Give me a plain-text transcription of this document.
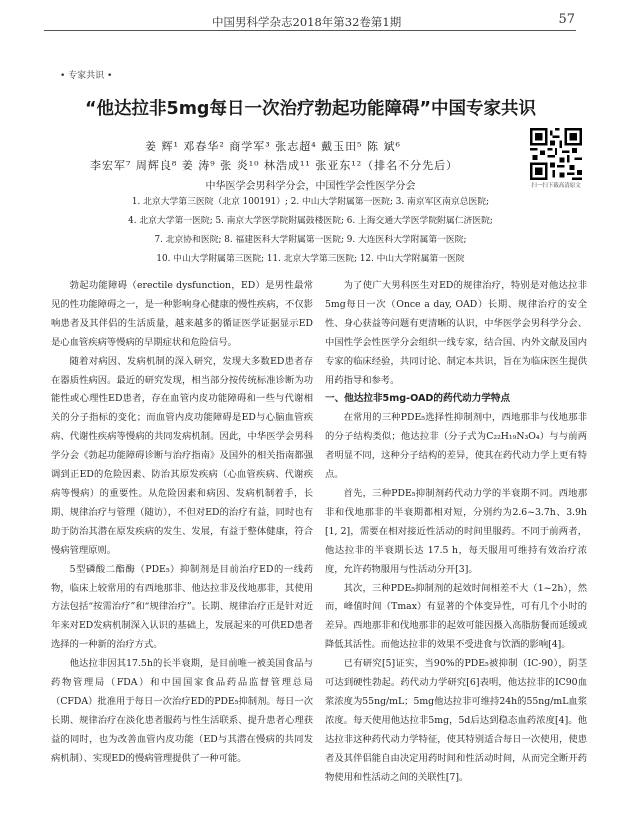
中国男科学杂志2018年第32卷第1期	57
• 专家共识 •
“他达拉非5mg每日一次治疗勃起功能障碍”中国专家共识
姜 辉¹ 邓春华² 商学军³ 张志超⁴ 戴玉田⁵ 陈 斌⁶
李宏军⁷ 周辉良⁸ 姜 涛⁹ 张 炎¹⁰ 林浩成¹¹ 张亚东¹²（排名不分先后）
中华医学会男科学分会，中国性学会性医学分会
1. 北京大学第三医院（北京 100191）; 2. 中山大学附属第一医院; 3. 南京军区南京总医院;
4. 北京大学第一医院; 5. 南京大学医学院附属鼓楼医院; 6. 上海交通大学医学院附属仁济医院;
7. 北京协和医院; 8. 福建医科大学附属第一医院; 9. 大连医科大学附属第一医院;
10. 中山大学附属第三医院; 11. 北京大学第三医院; 12. 中山大学附属第一医院
扫一扫下载高清原文

勃起功能障碍（erectile dysfunction，ED）是男性最常见的性功能障碍之一，是一种影响身心健康的慢性疾病，不仅影响患者及其伴侣的生活质量，越来越多的循证医学证据显示ED是心血管疾病等慢病的早期症状和危险信号。

随着对病因、发病机制的深入研究，发现大多数ED患者存在器质性病因。最近的研究发现，相当部分按传统标准诊断为功能性或心理性ED患者，存在血管内皮功能障碍和一些与代谢相关的分子指标的变化；而血管内皮功能障碍是ED与心脑血管疾病、代谢性疾病等慢病的共同发病机制。因此，中华医学会男科学分会《勃起功能障碍诊断与治疗指南》及国外的相关指南都强调到正ED的危险因素、防治其原发疾病（心血管疾病、代谢疾病等慢病）的重要性。从危险因素和病因、发病机制着手，长期、规律治疗与管理（随访），不但对ED的治疗有益，同时也有助于防治其潜在原发疾病的发生、发展，有益于整体健康，符合慢病管理原则。

5型磷酸二酯酶（PDE₅）抑制剂是目前治疗ED的一线药物，临床上较常用的有西地那非、他达拉非及伐地那非，其使用方法包括“按需治疗”和“规律治疗”。长期、规律治疗正是针对近年来对ED发病机制深入认识的基础上，发展起来的可供ED患者选择的一种新的治疗方式。

他达拉非因其17.5h的长半衰期，是目前唯一被美国食品与药物管理局（FDA）和中国国家食品药品监督管理总局（CFDA）批准用于每日一次治疗ED的PDE₅抑制剂。每日一次长期、规律治疗在淡化患者服药与性生活联系、提升患者心理获益的同时，也为改善血管内皮功能（ED与其潜在慢病的共同发病机制）、实现ED的慢病管理提供了一种可能。

为了使广大男科医生对ED的规律治疗，特别是对他达拉非5mg每日一次（Once a day, OAD）长期、规律治疗的安全性、身心获益等问题有更清晰的认识，中华医学会男科学分会、中国性学会性医学分会组织一线专家，结合国、内外文献及国内专家的临床经验，共同讨论、制定本共识，旨在为临床医生提供用药指导和参考。

一、他达拉非5mg-OAD的药代动力学特点

在常用的三种PDE₅选择性抑制剂中，西地那非与伐地那非的分子结构类似；他达拉非（分子式为C₂₂H₁₉N₃O₄）与与前两者明显不同，这种分子结构的差异，使其在药代动力学上更有特点。

首先，三种PDE₅抑制剂药代动力学的半衰期不同。西地那非和伐地那非的半衰期都相对短，分别约为2.6~3.7h、3.9h [1, 2]，需要在相对接近性活动的时间里服药。不同于前两者，他达拉非的半衰期长达 17.5 h，每天服用可维持有效治疗浓度，允许药物服用与性活动分开[3]。

其次，三种PDE₅抑制剂的起效时间相差不大（1~2h），然而，峰值时间（Tmax）有显著的个体变异性，可有几个小时的差异。西地那非和伐地那非的起效可能因摄入高脂肪餐而延缓或降低其活性。而他达拉非的效果不受进食与饮酒的影响[4]。

已有研究[5]证实，当90%的PDE₅被抑制（IC-90），阴茎可达到硬性勃起。药代动力学研究[6]表明，他达拉非的IC90血浆浓度为55ng/mL；5mg他达拉非可维持24h的55ng/mL血浆浓度。每天使用他达拉非5mg，5d后达到稳态血药浓度[4]。他达拉非这种药代动力学特征，使其特别适合每日一次使用，使患者及其伴侣能自由决定用药时间和性活动时间，从而完全断开药物使用和性活动之间的关联性[7]。
